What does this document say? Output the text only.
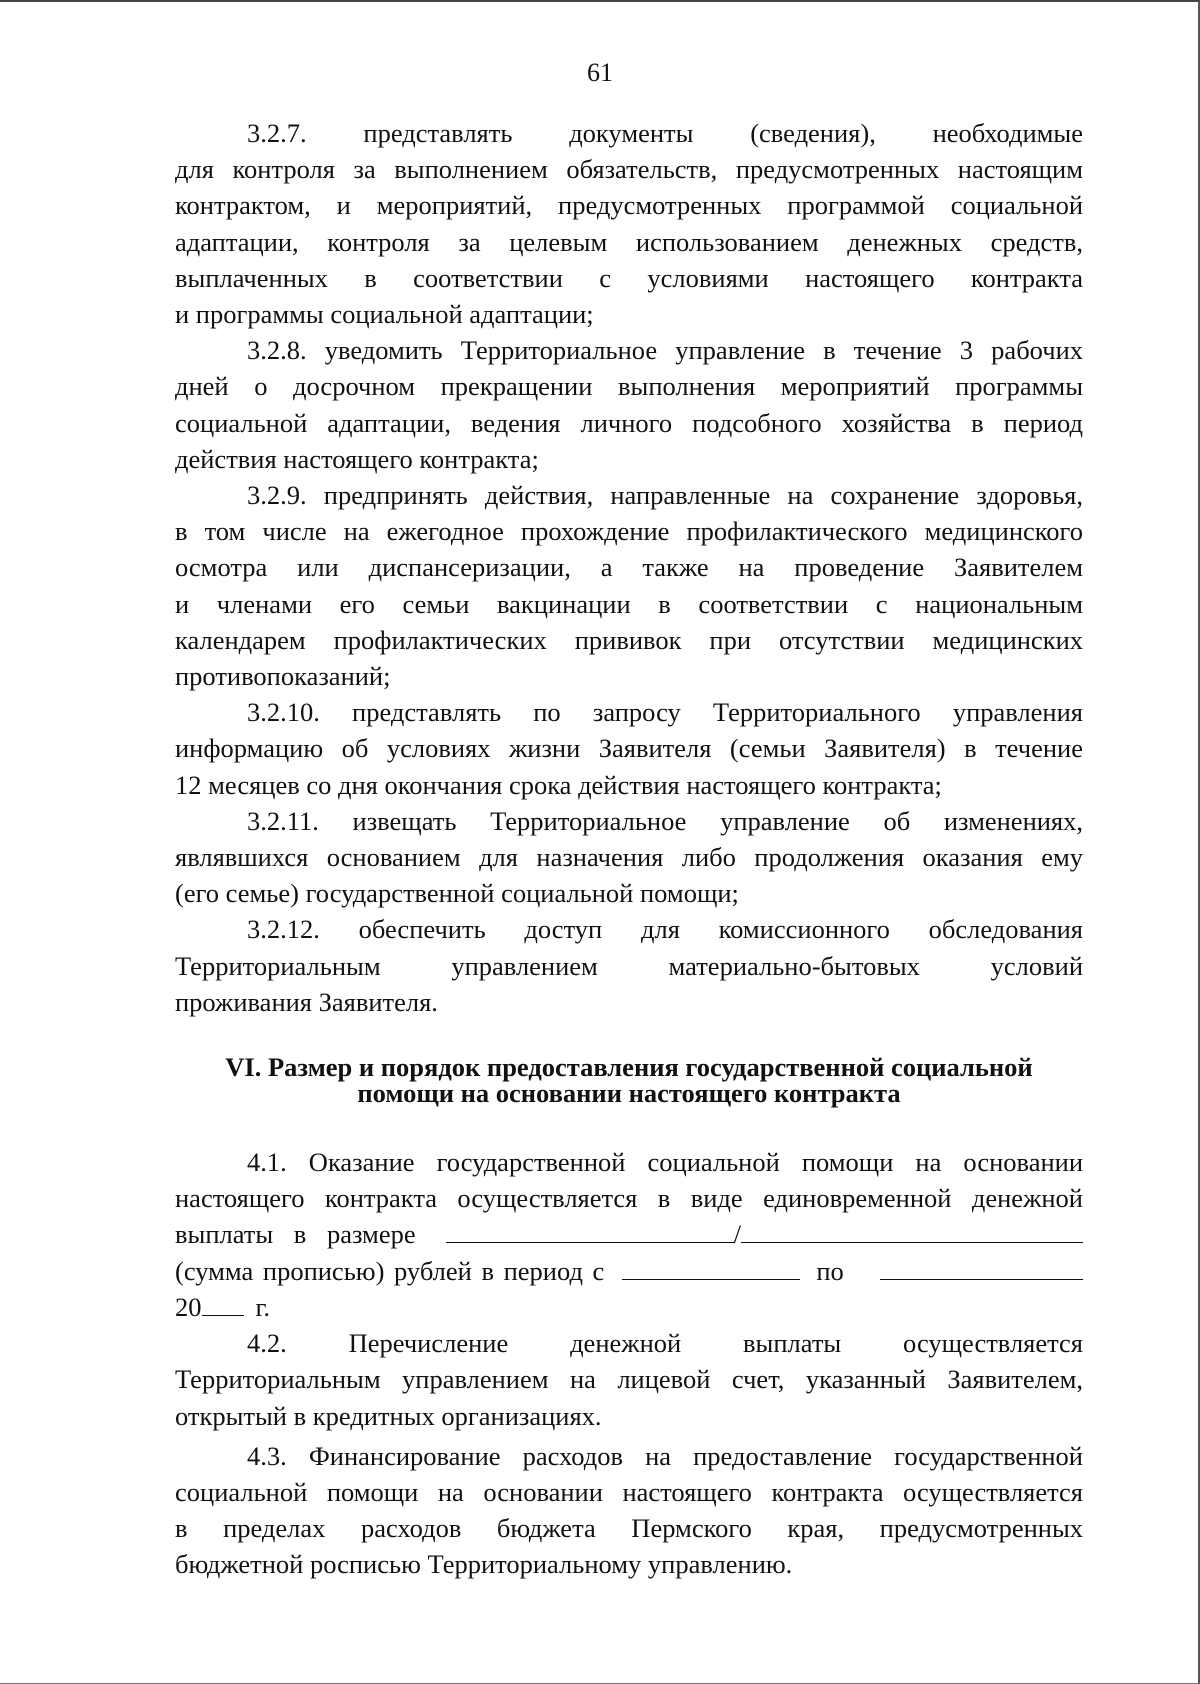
61

3.2.7. представлять документы (сведения), необходимые
для контроля за выполнением обязательств, предусмотренных настоящим
контрактом, и мероприятий, предусмотренных программой социальной
адаптации, контроля за целевым использованием денежных средств,
выплаченных в соответствии с условиями настоящего контракта
и программы социальной адаптации;

3.2.8. уведомить Территориальное управление в течение 3 рабочих
дней о досрочном прекращении выполнения мероприятий программы
социальной адаптации, ведения личного подсобного хозяйства в период
действия настоящего контракта;

3.2.9. предпринять действия, направленные на сохранение здоровья,
в том числе на ежегодное прохождение профилактического медицинского
осмотра или диспансеризации, а также на проведение Заявителем
и членами его семьи вакцинации в соответствии с национальным
календарем профилактических прививок при отсутствии медицинских
противопоказаний;

3.2.10. представлять по запросу Территориального управления
информацию об условиях жизни Заявителя (семьи Заявителя) в течение
12 месяцев со дня окончания срока действия настоящего контракта;

3.2.11. извещать Территориальное управление об изменениях,
являвшихся основанием для назначения либо продолжения оказания ему
(его семье) государственной социальной помощи;

3.2.12. обеспечить доступ для комиссионного обследования
Территориальным управлением материально-бытовых условий
проживания Заявителя.

VI. Размер и порядок предоставления государственной социальной
помощи на основании настоящего контракта

4.1. Оказание государственной социальной помощи на основании
настоящего контракта осуществляется в виде единовременной денежной

выплаты в размере	/
(сумма прописью) рублей в период с	по
20 г.

4.2. Перечисление денежной выплаты осуществляется
Территориальным управлением на лицевой счет, указанный Заявителем,
открытый в кредитных организациях.

4.3. Финансирование расходов на предоставление государственной
социальной помощи на основании настоящего контракта осуществляется
в пределах расходов бюджета Пермского края, предусмотренных
бюджетной росписью Территориальному управлению.
